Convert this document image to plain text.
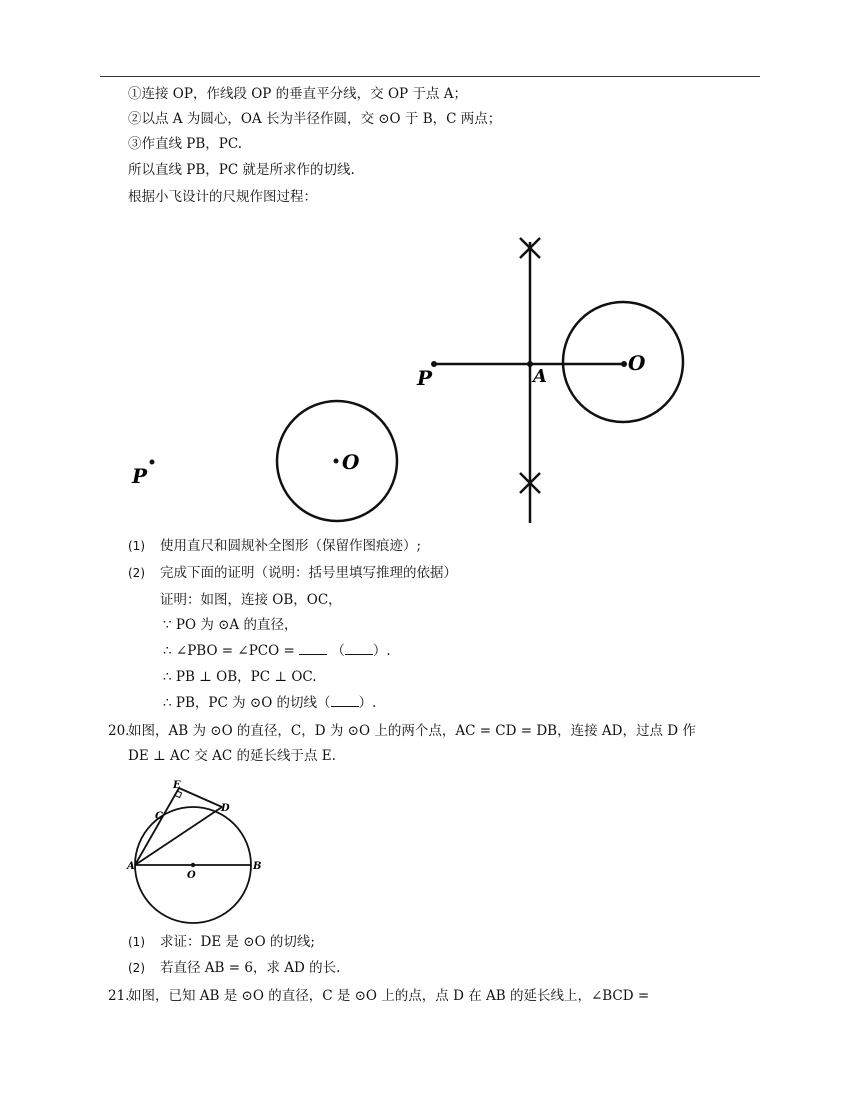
①连接 OP，作线段 OP 的垂直平分线，交 OP 于点 A；
②以点 A 为圆心，OA 长为半径作圆，交 ⊙O 于 B，C 两点；
③作直线 PB，PC.
所以直线 PB，PC 就是所求作的切线.
根据小飞设计的尺规作图过程：
P
O
P	A
O
(1) 使用直尺和圆规补全图形（保留作图痕迹）;
(2) 完成下面的证明（说明：括号里填写推理的依据）
证明：如图，连接 OB，OC，
∵ PO 为 ⊙A 的直径，
∴ ∠PBO = ∠PCO =	（ ）.
∴ PB ⊥ OB，PC ⊥ OC.
∴ PB，PC 为 ⊙O 的切线（ ）.
20.
如图，AB 为 ⊙O 的直径，C，D 为 ⊙O 上的两个点，AC = CD = DB，连接 AD，过点 D 作
DE ⊥ AC 交 AC 的延长线于点 E.
E
C
D
A	B
O
(1) 求证：DE 是 ⊙O 的切线;
(2) 若直径 AB = 6，求 AD 的长.
21.
如图，已知 AB 是 ⊙O 的直径，C 是 ⊙O 上的点，点 D 在 AB 的延长线上，∠BCD =
